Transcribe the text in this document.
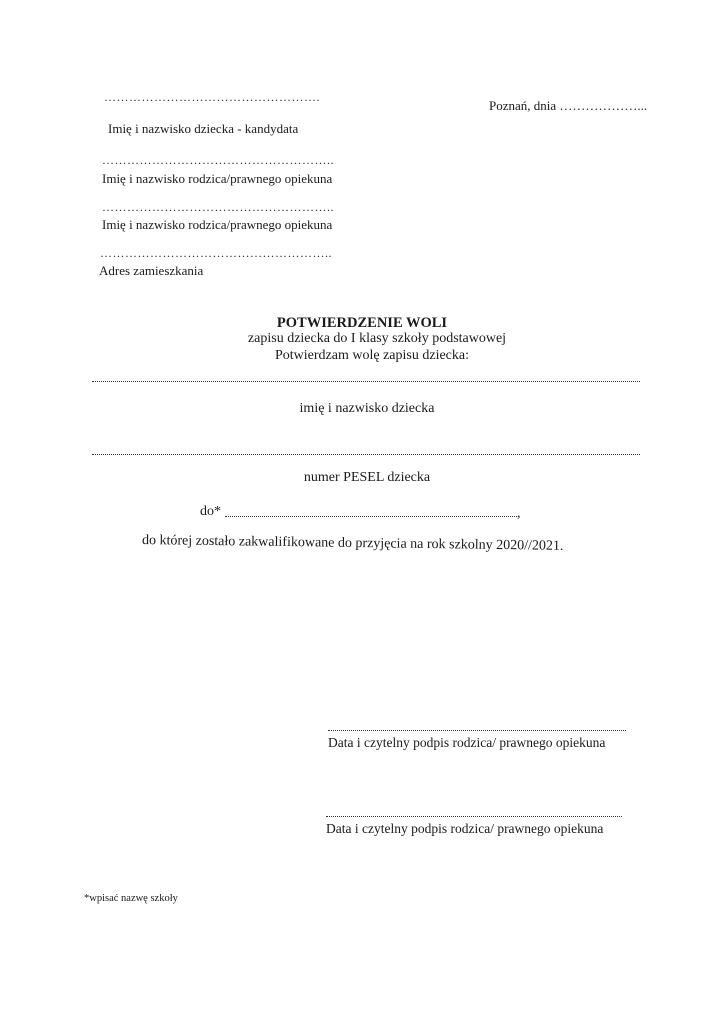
…………………………………………….
Imię i nazwisko dziecka - kandydata
………………………………………………..
Imię i nazwisko rodzica/prawnego opiekuna
………………………………………………..
Imię i nazwisko rodzica/prawnego opiekuna
………………………………………………..
Adres zamieszkania
Poznań, dnia ………………...
POTWIERDZENIE WOLI
zapisu dziecka do I klasy szkoły podstawowej
Potwierdzam wolę zapisu dziecka:
imię i nazwisko dziecka
numer PESEL dziecka
do*	,
do której zostało zakwalifikowane do przyjęcia na rok szkolny 2020//2021.
Data i czytelny podpis rodzica/ prawnego opiekuna
Data i czytelny podpis rodzica/ prawnego opiekuna
*wpisać nazwę szkoły
